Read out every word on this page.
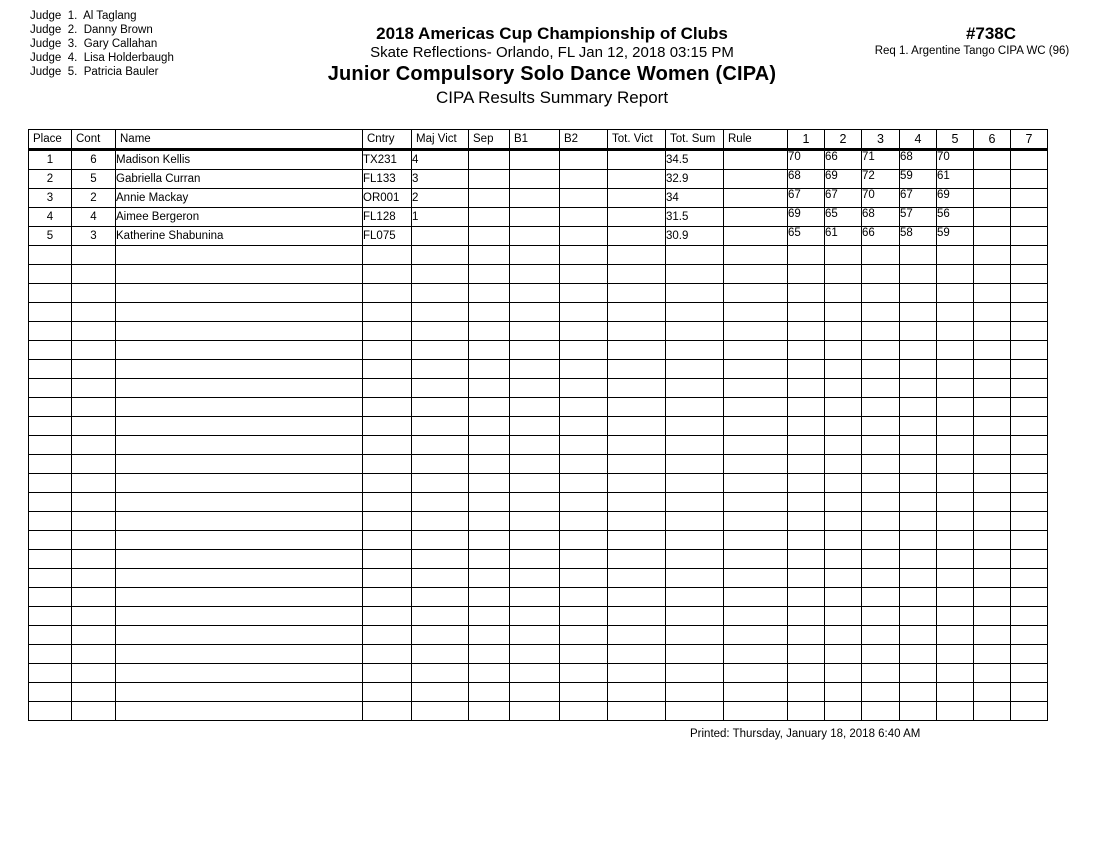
Judge  1.  Al Taglang
Judge  2.  Danny Brown
Judge  3.  Gary Callahan
Judge  4.  Lisa Holderbaugh
Judge  5.  Patricia Bauler
2018 Americas Cup Championship of Clubs
Skate Reflections- Orlando, FL Jan 12, 2018 03:15 PM
Junior Compulsory Solo Dance Women (CIPA)
CIPA Results Summary Report
#738C
Req 1. Argentine Tango CIPA WC (96)
Place	Cont	Name	Cntry	Maj Vict	Sep	B1	B2	Tot. Vict	Tot. Sum	Rule	1	2	3	4	5	6	7
1	6	Madison Kellis	TX231	4					34.5		70	66	71	68	70		
2	5	Gabriella Curran	FL133	3					32.9		68	69	72	59	61		
3	2	Annie Mackay	OR001	2					34		67	67	70	67	69		
4	4	Aimee Bergeron	FL128	1					31.5		69	65	68	57	56		
5	3	Katherine Shabunina	FL075						30.9		65	61	66	58	59		

Printed: Thursday, January 18, 2018 6:40 AM
